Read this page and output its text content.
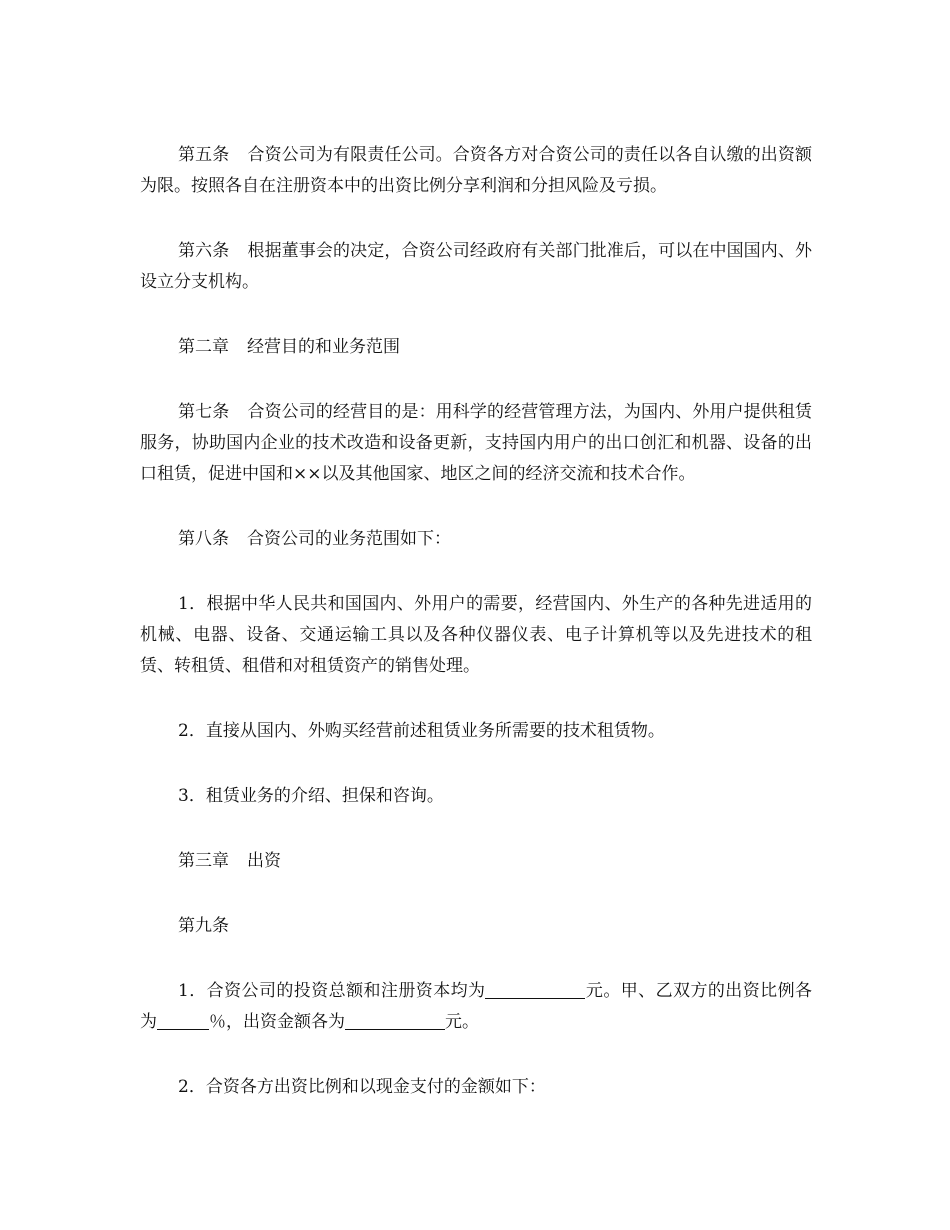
第五条 合资公司为有限责任公司。合资各方对合资公司的责任以各自认缴的出资额为限。按照各自在注册资本中的出资比例分享利润和分担风险及亏损。

第六条 根据董事会的决定，合资公司经政府有关部门批准后，可以在中国国内、外设立分支机构。

第二章 经营目的和业务范围

第七条 合资公司的经营目的是：用科学的经营管理方法，为国内、外用户提供租赁服务，协助国内企业的技术改造和设备更新，支持国内用户的出口创汇和机器、设备的出口租赁，促进中国和××以及其他国家、地区之间的经济交流和技术合作。

第八条 合资公司的业务范围如下：

1．根据中华人民共和国国内、外用户的需要，经营国内、外生产的各种先进适用的机械、电器、设备、交通运输工具以及各种仪器仪表、电子计算机等以及先进技术的租赁、转租赁、租借和对租赁资产的销售处理。

2．直接从国内、外购买经营前述租赁业务所需要的技术租赁物。

3．租赁业务的介绍、担保和咨询。

第三章 出资

第九条

1．合资公司的投资总额和注册资本均为	元。甲、乙双方的出资比例各为	％，出资金额各为	元。

2．合资各方出资比例和以现金支付的金额如下：
